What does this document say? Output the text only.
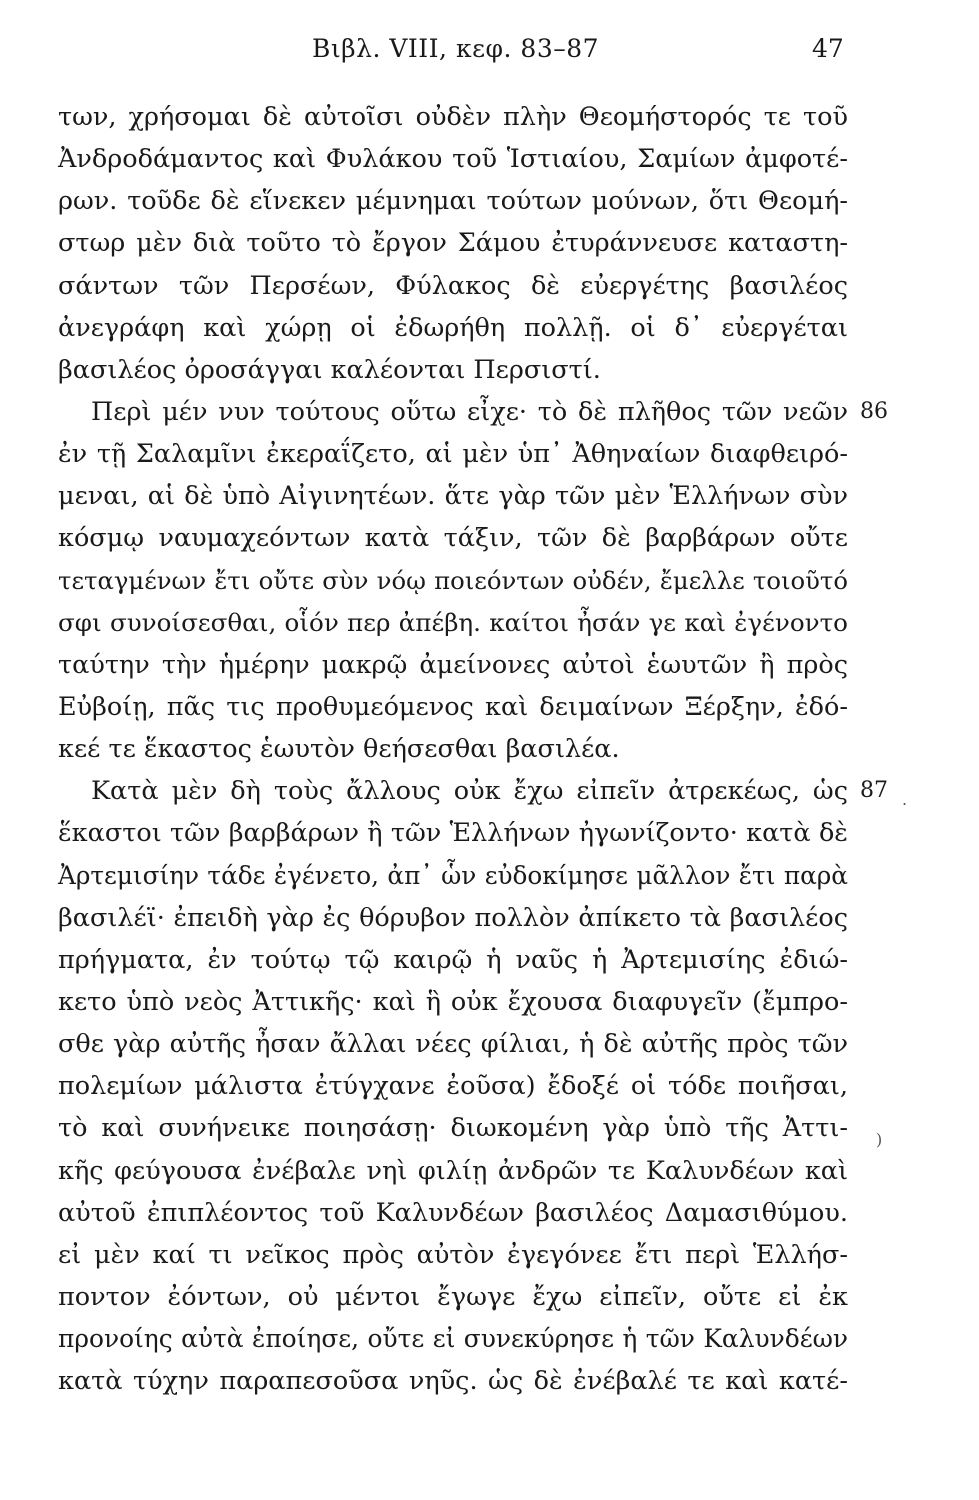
Βιβλ. VIII, κεφ. 83–87	47
των, χρήσομαι δὲ αὐτοῖσι οὐδὲν πλὴν Θεομήστορός τε τοῦ
Ἀνδροδάμαντος καὶ Φυλάκου τοῦ Ἱστιαίου, Σαμίων ἀμφοτέ-
ρων. τοῦδε δὲ εἵνεκεν μέμνημαι τούτων μούνων, ὅτι Θεομή-
στωρ μὲν διὰ τοῦτο τὸ ἔργον Σάμου ἐτυράννευσε καταστη-
σάντων τῶν Περσέων, Φύλακος δὲ εὐεργέτης βασιλέος
ἀνεγράφη καὶ χώρῃ οἱ ἐδωρήθη πολλῇ. οἱ δ᾽ εὐεργέται
βασιλέος ὀροσάγγαι καλέονται Περσιστί.
Περὶ μέν νυν τούτους οὕτω εἶχε· τὸ δὲ πλῆθος τῶν νεῶν
ἐν τῇ Σαλαμῖνι ἐκεραΐζετο, αἱ μὲν ὑπ᾽ Ἀθηναίων διαφθειρό-
μεναι, αἱ δὲ ὑπὸ Αἰγινητέων. ἅτε γὰρ τῶν μὲν Ἑλλήνων σὺν
κόσμῳ ναυμαχεόντων κατὰ τάξιν, τῶν δὲ βαρβάρων οὔτε
τεταγμένων ἔτι οὔτε σὺν νόῳ ποιεόντων οὐδέν, ἔμελλε τοιοῦτό
σφι συνοίσεσθαι, οἷόν περ ἀπέβη. καίτοι ἦσάν γε καὶ ἐγένοντο
ταύτην τὴν ἡμέρην μακρῷ ἀμείνονες αὐτοὶ ἑωυτῶν ἢ πρὸς
Εὐβοίῃ, πᾶς τις προθυμεόμενος καὶ δειμαίνων Ξέρξην, ἐδό-
κεέ τε ἕκαστος ἑωυτὸν θεήσεσθαι βασιλέα.
Κατὰ μὲν δὴ τοὺς ἄλλους οὐκ ἔχω εἰπεῖν ἀτρεκέως, ὡς
ἕκαστοι τῶν βαρβάρων ἢ τῶν Ἑλλήνων ἠγωνίζοντο· κατὰ δὲ
Ἀρτεμισίην τάδε ἐγένετο, ἀπ᾽ ὧν εὐδοκίμησε μᾶλλον ἔτι παρὰ
βασιλέϊ· ἐπειδὴ γὰρ ἐς θόρυβον πολλὸν ἀπίκετο τὰ βασιλέος
πρήγματα, ἐν τούτῳ τῷ καιρῷ ἡ ναῦς ἡ Ἀρτεμισίης ἐδιώ-
κετο ὑπὸ νεὸς Ἀττικῆς· καὶ ἣ οὐκ ἔχουσα διαφυγεῖν (ἔμπρο-
σθε γὰρ αὐτῆς ἦσαν ἄλλαι νέες φίλιαι, ἡ δὲ αὐτῆς πρὸς τῶν
πολεμίων μάλιστα ἐτύγχανε ἐοῦσα) ἔδοξέ οἱ τόδε ποιῆσαι,
τὸ καὶ συνήνεικε ποιησάσῃ· διωκομένη γὰρ ὑπὸ τῆς Ἀττι-
κῆς φεύγουσα ἐνέβαλε νηὶ φιλίῃ ἀνδρῶν τε Καλυνδέων καὶ
αὐτοῦ ἐπιπλέοντος τοῦ Καλυνδέων βασιλέος Δαμασιθύμου.
εἰ μὲν καί τι νεῖκος πρὸς αὐτὸν ἐγεγόνεε ἔτι περὶ Ἑλλήσ-
ποντον ἐόντων, οὐ μέντοι ἔγωγε ἔχω εἰπεῖν, οὔτε εἰ ἐκ
προνοίης αὐτὰ ἐποίησε, οὔτε εἰ συνεκύρησε ἡ τῶν Καλυνδέων
κατὰ τύχην παραπεσοῦσα νηῦς. ὡς δὲ ἐνέβαλέ τε καὶ κατέ-
.
)
86
87
